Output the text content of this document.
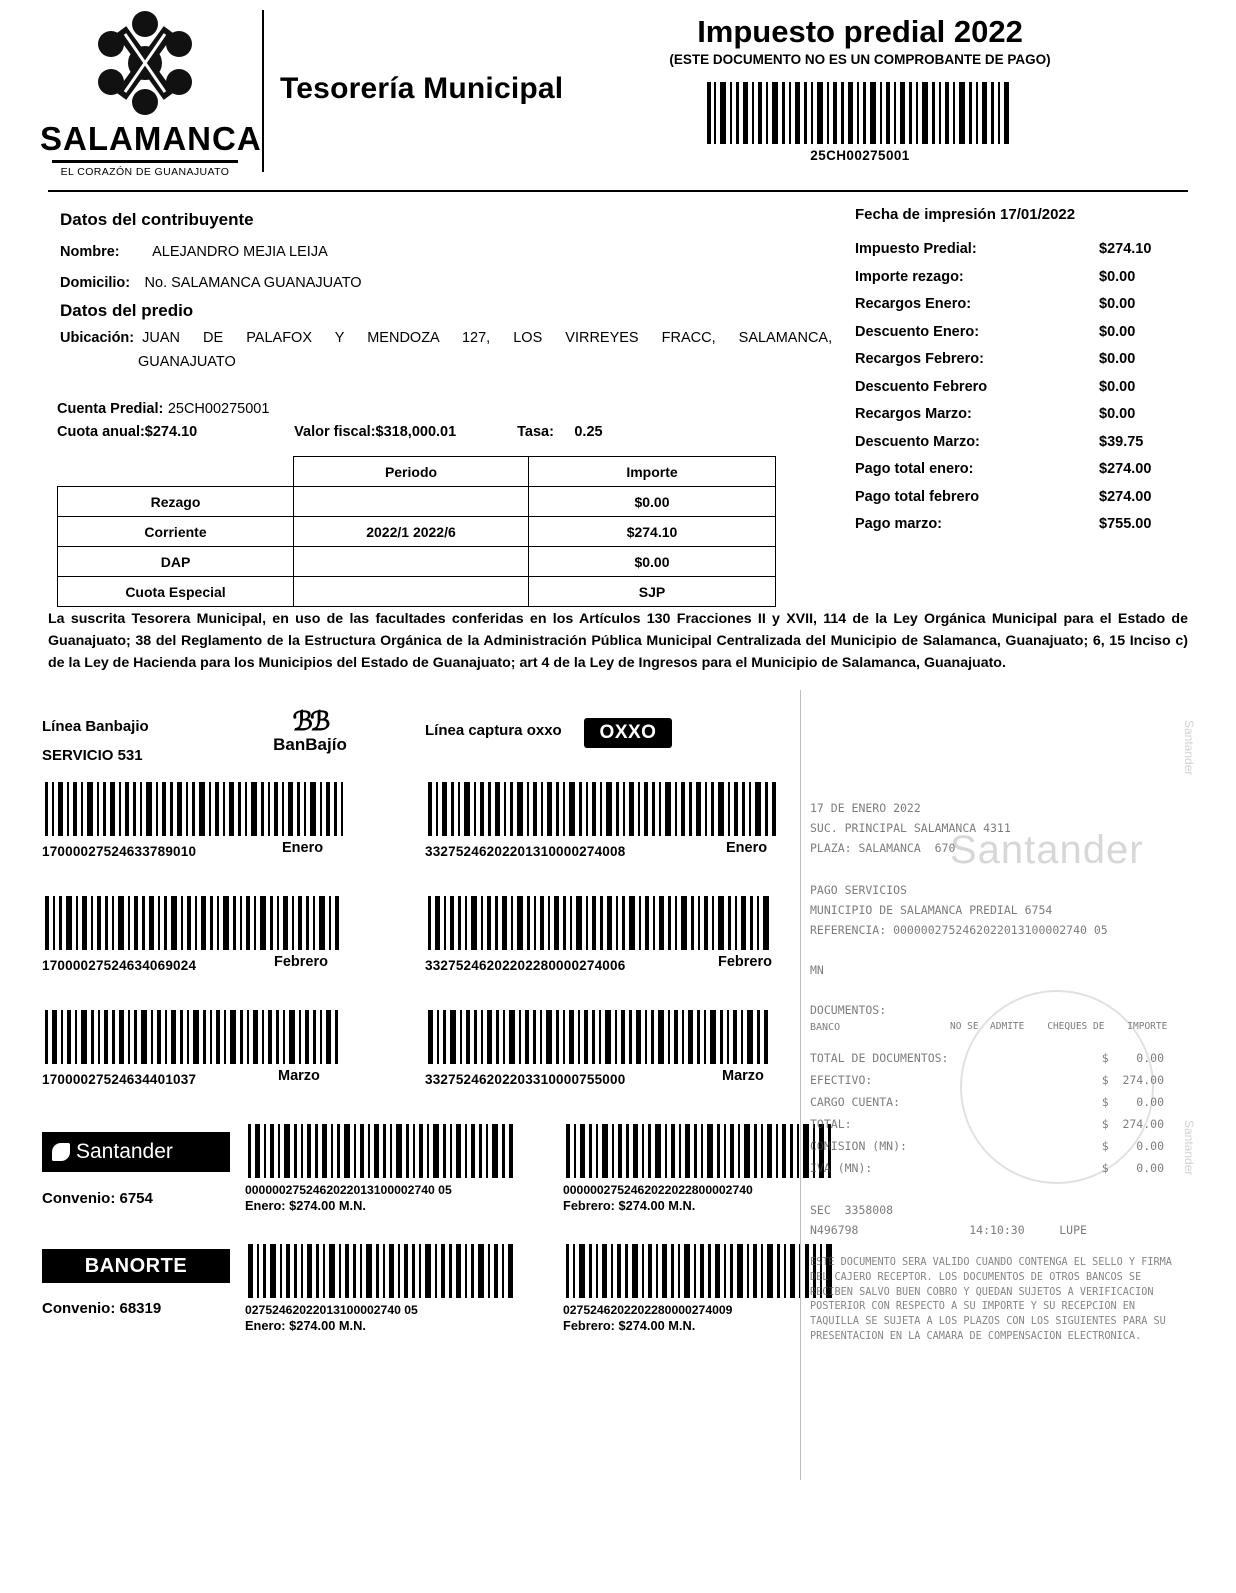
SALAMANCA
EL CORAZÓN DE GUANAJUATO
Tesorería Municipal
Impuesto predial 2022
(ESTE DOCUMENTO NO ES UN COMPROBANTE DE PAGO)
25CH00275001
Datos del contribuyente
Nombre: ALEJANDRO MEJIA LEIJA
Domicilio: No. SALAMANCA GUANAJUATO
Datos del predio
Ubicación: JUAN DE PALAFOX Y MENDOZA 127, LOS VIRREYES FRACC, SALAMANCA,
GUANAJUATO
Cuenta Predial: 25CH00275001
Cuota anual:$274.10	Valor fiscal:$318,000.01	Tasa: 0.25
	Periodo	Importe
Rezago		$0.00
Corriente	2022/1 2022/6	$274.10
DAP		$0.00
Cuota Especial		SJP
Fecha de impresión 17/01/2022
Impuesto Predial:	$274.10
Importe rezago:	$0.00
Recargos Enero:	$0.00
Descuento Enero:	$0.00
Recargos Febrero:	$0.00
Descuento Febrero	$0.00
Recargos Marzo:	$0.00
Descuento Marzo:	$39.75
Pago total enero:	$274.00
Pago total febrero	$274.00
Pago marzo:	$755.00
La suscrita Tesorera Municipal, en uso de las facultades conferidas en los Artículos 130 Fracciones II y XVII, 114 de la Ley Orgánica Municipal para el Estado de Guanajuato; 38 del Reglamento de la Estructura Orgánica de la Administración Pública Municipal Centralizada del Municipio de Salamanca, Guanajuato; 6, 15 Inciso c) de la Ley de Hacienda para los Municipios del Estado de Guanajuato; art 4 de la Ley de Ingresos para el Municipio de Salamanca, Guanajuato.
Línea Banbajio
SERVICIO 531
ℬℬ
BanBajío
Línea captura oxxo	OXXO
17000027524633789010	Enero
17000027524634069024	Febrero
17000027524634401037	Marzo
33275246202201310000274008	Enero
33275246202202280000274006	Febrero
33275246202203310000755000	Marzo
Santander
Convenio: 6754	0000002752462022013100002740 05
Enero: $274.00 M.N.
0000002752462022022800002740
Febrero: $274.00 M.N.
BANORTE
Convenio: 68319	02752462022013100002740 05
Enero: $274.00 M.N.
0275246202202280000274009
Febrero: $274.00 M.N.
Santander
Santander
Santander
17 DE ENERO 2022
SUC. PRINCIPAL SALAMANCA 4311
PLAZA: SALAMANCA  670
PAGO SERVICIOS
MUNICIPIO DE SALAMANCA PREDIAL 6754
REFERENCIA: 0000002752462022013100002740 05
MN
DOCUMENTOS:
BANCO	NO SE  ADMITE    CHEQUES DE    IMPORTE
TOTAL DE DOCUMENTOS:	$    0.00
EFECTIVO:	$  274.00
CARGO CUENTA:	$    0.00
TOTAL:	$  274.00
COMISION (MN):	$    0.00
IVA (MN):	$    0.00
SEC  3358008
N496798                14:10:30     LUPE
ESTE DOCUMENTO SERA VALIDO CUANDO CONTENGA EL SELLO Y FIRMA DEL CAJERO RECEPTOR. LOS DOCUMENTOS DE OTROS BANCOS SE RECIBEN SALVO BUEN COBRO Y QUEDAN SUJETOS A VERIFICACION POSTERIOR CON RESPECTO A SU IMPORTE Y SU RECEPCION EN TAQUILLA SE SUJETA A LOS PLAZOS CON LOS SIGUIENTES PARA SU PRESENTACION EN LA CAMARA DE COMPENSACION ELECTRONICA.
